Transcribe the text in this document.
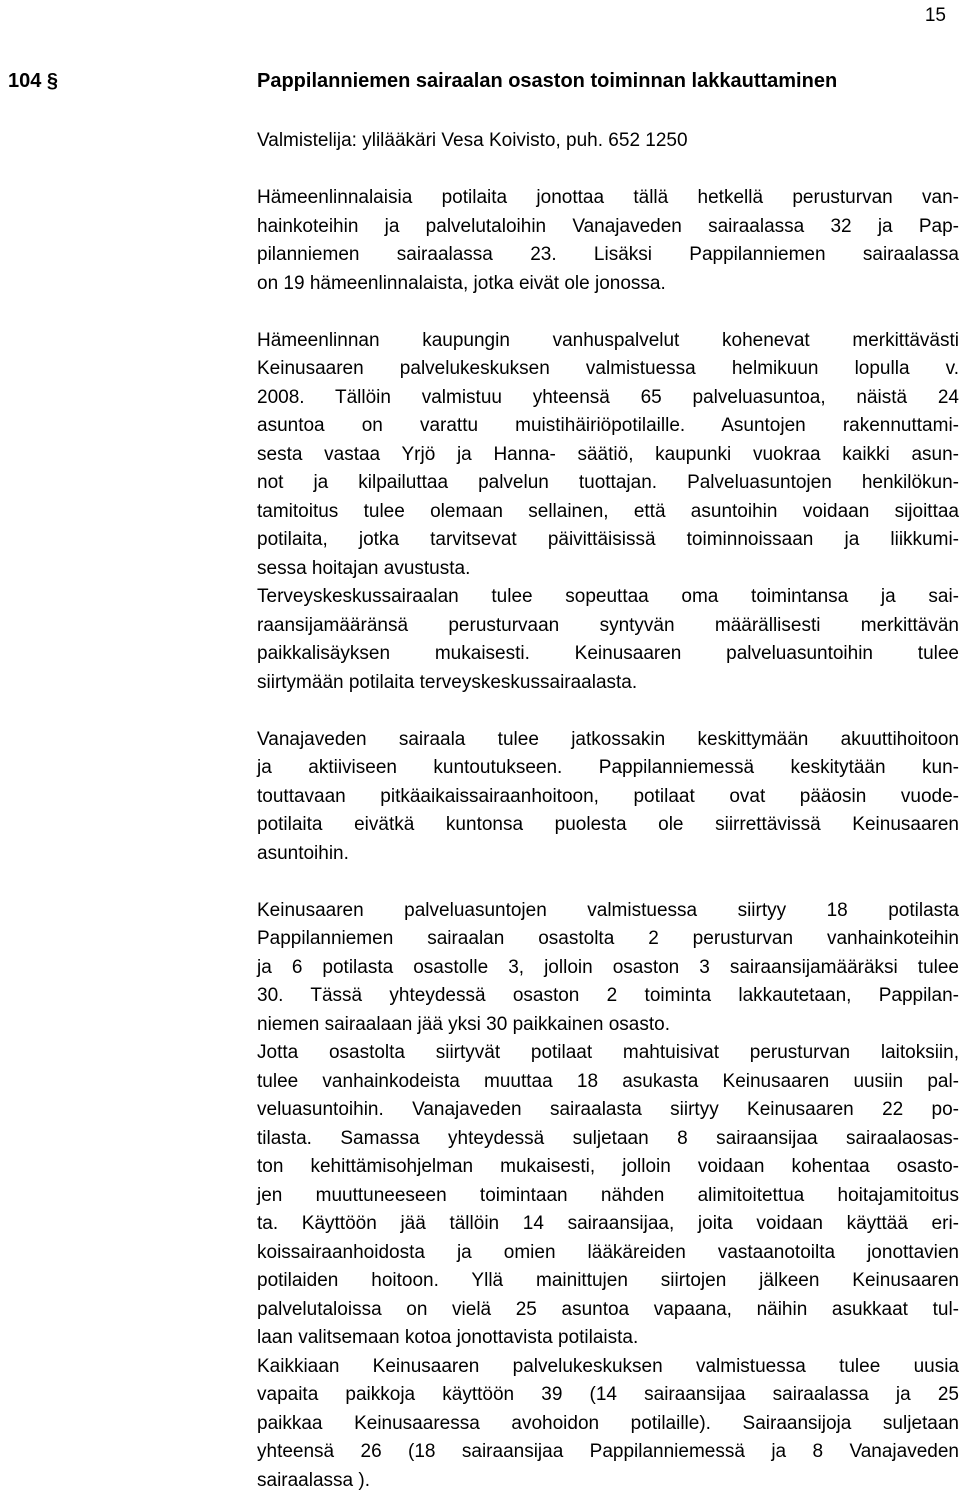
15
104 §	Pappilanniemen sairaalan osaston toiminnan lakkauttaminen

Valmistelija: ylilääkäri Vesa Koivisto, puh. 652 1250

Hämeenlinnalaisia potilaita jonottaa tällä hetkellä perusturvan van-
hainkoteihin ja palvelutaloihin Vanajaveden sairaalassa 32 ja Pap-
pilanniemen sairaalassa 23. Lisäksi Pappilanniemen sairaalassa
on 19 hämeenlinnalaista, jotka eivät ole jonossa.

Hämeenlinnan kaupungin vanhuspalvelut kohenevat merkittävästi
Keinusaaren palvelukeskuksen valmistuessa helmikuun lopulla v.
2008. Tällöin valmistuu yhteensä 65 palveluasuntoa, näistä 24
asuntoa on varattu muistihäiriöpotilaille. Asuntojen rakennuttami-
sesta vastaa Yrjö ja Hanna- säätiö, kaupunki vuokraa kaikki asun-
not ja kilpailuttaa palvelun tuottajan. Palveluasuntojen henkilökun-
tamitoitus tulee olemaan sellainen, että asuntoihin voidaan sijoittaa
potilaita, jotka tarvitsevat päivittäisissä toiminnoissaan ja liikkumi-
sessa hoitajan avustusta.
Terveyskeskussairaalan tulee sopeuttaa oma toimintansa ja sai-
raansijamääränsä perusturvaan syntyvän määrällisesti merkittävän
paikkalisäyksen mukaisesti. Keinusaaren palveluasuntoihin tulee
siirtymään potilaita terveyskeskussairaalasta.

Vanajaveden sairaala tulee jatkossakin keskittymään akuuttihoitoon
ja aktiiviseen kuntoutukseen. Pappilanniemessä keskitytään kun-
touttavaan pitkäaikaissairaanhoitoon, potilaat ovat pääosin vuode-
potilaita eivätkä kuntonsa puolesta ole siirrettävissä Keinusaaren
asuntoihin.

Keinusaaren palveluasuntojen valmistuessa siirtyy 18 potilasta
Pappilanniemen sairaalan osastolta 2 perusturvan vanhainkoteihin
ja 6 potilasta osastolle 3, jolloin osaston 3 sairaansijamääräksi tulee
30. Tässä yhteydessä osaston 2 toiminta lakkautetaan, Pappilan-
niemen sairaalaan jää yksi 30 paikkainen osasto.
Jotta osastolta siirtyvät potilaat mahtuisivat perusturvan laitoksiin,
tulee vanhainkodeista muuttaa 18 asukasta Keinusaaren uusiin pal-
veluasuntoihin. Vanajaveden sairaalasta siirtyy Keinusaaren 22 po-
tilasta. Samassa yhteydessä suljetaan 8 sairaansijaa sairaalaosas-
ton kehittämisohjelman mukaisesti, jolloin voidaan kohentaa osasto-
jen muuttuneeseen toimintaan nähden alimitoitettua hoitajamitoitus
ta. Käyttöön jää tällöin 14 sairaansijaa, joita voidaan käyttää eri-
koissairaanhoidosta ja omien lääkäreiden vastaanotoilta jonottavien
potilaiden hoitoon. Yllä mainittujen siirtojen jälkeen Keinusaaren
palvelutaloissa on vielä 25 asuntoa vapaana, näihin asukkaat tul-
laan valitsemaan kotoa jonottavista potilaista.
Kaikkiaan Keinusaaren palvelukeskuksen valmistuessa tulee uusia
vapaita paikkoja käyttöön 39 (14 sairaansijaa sairaalassa ja 25
paikkaa Keinusaaressa avohoidon potilaille). Sairaansijoja suljetaan
yhteensä 26 (18 sairaansijaa Pappilanniemessä ja 8 Vanajaveden
sairaalassa ).
